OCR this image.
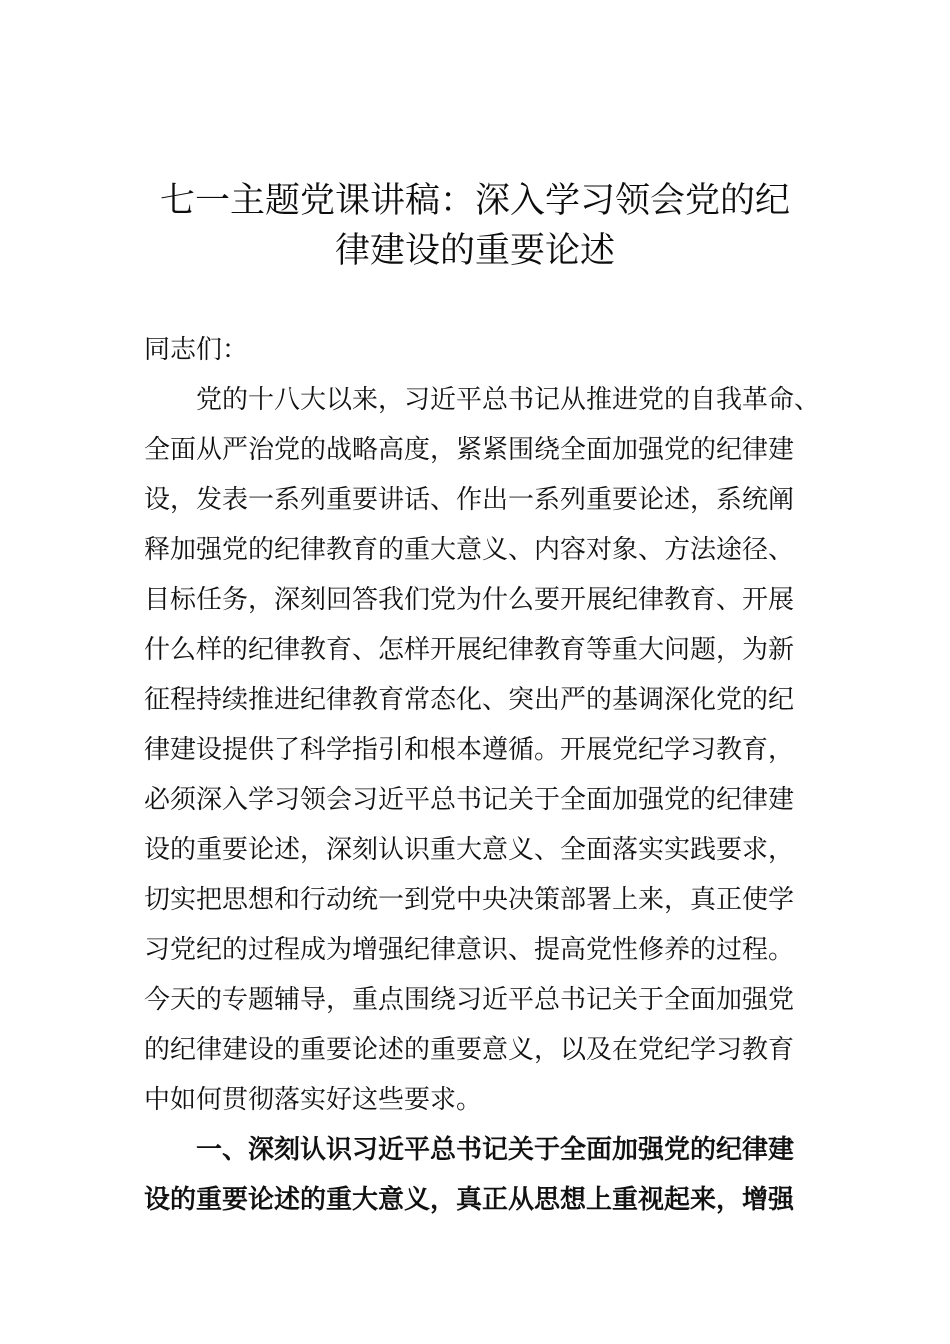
七一主题党课讲稿：深入学习领会党的纪
律建设的重要论述
同志们：
党的十八大以来，习近平总书记从推进党的自我革命、
全面从严治党的战略高度，紧紧围绕全面加强党的纪律建
设，发表一系列重要讲话、作出一系列重要论述，系统阐
释加强党的纪律教育的重大意义、内容对象、方法途径、
目标任务，深刻回答我们党为什么要开展纪律教育、开展
什么样的纪律教育、怎样开展纪律教育等重大问题，为新
征程持续推进纪律教育常态化、突出严的基调深化党的纪
律建设提供了科学指引和根本遵循。开展党纪学习教育，
必须深入学习领会习近平总书记关于全面加强党的纪律建
设的重要论述，深刻认识重大意义、全面落实实践要求，
切实把思想和行动统一到党中央决策部署上来，真正使学
习党纪的过程成为增强纪律意识、提高党性修养的过程。
今天的专题辅导，重点围绕习近平总书记关于全面加强党
的纪律建设的重要论述的重要意义，以及在党纪学习教育
中如何贯彻落实好这些要求。
一、深刻认识习近平总书记关于全面加强党的纪律建
设的重要论述的重大意义，真正从思想上重视起来，增强
